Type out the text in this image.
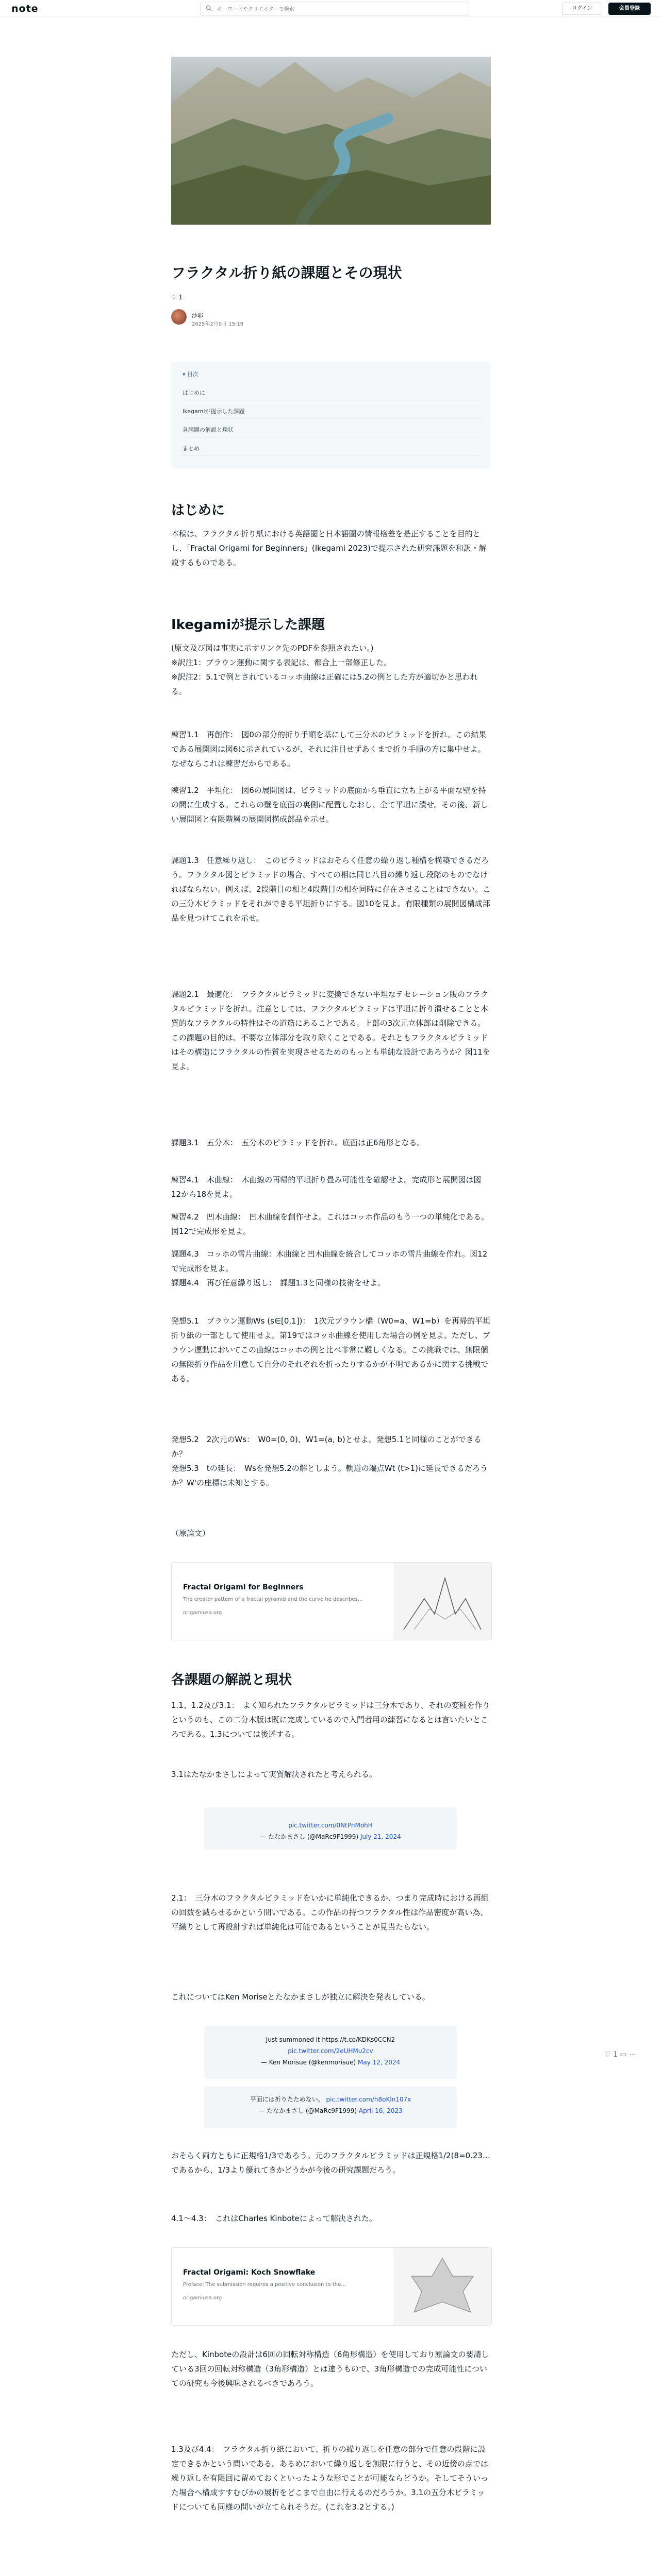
note
キーワードやクリエイターで検索	ログイン	会員登録
フラクタル折り紙の課題とその現状
沙耶
2025年2月9日 15:19
♡ 1
▾ 目次
はじめに
Ikegamiが提示した課題
各課題の解説と現状
まとめ
はじめに

本稿は、フラクタル折り紙における英語圏と日本語圏の情報格差を是正することを目的とし、「Fractal Origami for Beginners」(Ikegami 2023)で提示された研究課題を和訳・解説するものである。

Ikegamiが提示した課題

(原文及び図は事実に示すリンク先のPDFを参照されたい。)

※訳注1：ブラウン運動に関する表記は、都合上一部修正した。

※訳注2：5.1で例とされているコッホ曲線は正確には5.2の例とした方が適切かと思われる。

練習1.1　再創作：　図0の部分的折り手順を基にして三分木のピラミッドを折れ。この結果である展開図は図6に示されているが、それに注目せずあくまで折り手順の方に集中せよ。なぜならこれは練習だからである。

練習1.2　平坦化：　図6の展開図は、ピラミッドの底面から垂直に立ち上がる平面な壁を持の間に生成する。これらの壁を底面の裏側に配置しなおし、全て平坦に潰せ。その後、新しい展開図と有限階層の展開図構成部品を示せ。

課題1.3　任意繰り返し：　このピラミッドはおそらく任意の繰り返し種構を構築できるだろう。フラクタル図とピラミッドの場合、すべての相は同じ八目の繰り返し段階のものでなければならない。例えば、2段階目の相と4段階目の相を同時に存在させることはできない。この三分木ピラミッドをそれができる平坦折りにする。図10を見よ。有限種類の展開図構成部品を見つけてこれを示せ。

課題2.1　最適化：　フラクタルピラミッドに変換できない平坦なテセレーション版のフラクタルピラミッドを折れ。注意としては、フラクタルピラミッドは平坦に折り潰せることと本質的なフラクタルの特性はその道筋にあることである。上部の3次元立体部は削除できる。この課題の目的は、不要な立体部分を取り除くことである。それともフラクタルピラミッドはその構造にフラクタルの性質を実現させるためのもっとも単純な設計であろうか？図11を見よ。

課題3.1　五分木：　五分木のピラミッドを折れ。底面は正6角形となる。

練習4.1　木曲線：　木曲線の再帰的平坦折り畳み可能性を確認せよ。完成形と展開図は図12から18を見よ。

練習4.2　凹木曲線：　凹木曲線を創作せよ。これはコッホ作品のもう一つの単純化である。図12で完成形を見よ。

課題4.3　コッホの雪片曲線：木曲線と凹木曲線を統合してコッホの雪片曲線を作れ。図12で完成形を見よ。

課題4.4　再び任意繰り返し：　課題1.3と同様の技術をせよ。

発想5.1　ブラウン運動Ws (s∈[0,1])：　1次元ブラウン橋（W0=a、W1=b）を再帰的平坦折り紙の一部として使用せよ。第19ではコッホ曲線を使用した場合の例を見よ。ただし、ブラウン運動においてこの曲線はコッホの例と比べ非常に難しくなる。この挑戦では、無限個の無限折り作品を用意して自分のそれぞれを折ったりするかが不明であるかに関する挑戦である。

発想5.2　2次元のWs：　W0=(0, 0)、W1=(a, b)とせよ。発想5.1と同様のことができるか？

発想5.3　tの延長：　Wsを発想5.2の解としよう。軌道の端点Wt (t>1)に延長できるだろうか？W'の座標は未知とする。

（原論文）

Fractal Origami for Beginners
The creator pattern of a fractal pyramid and the curve he describes...
origamiusa.org
各課題の解説と現状

1.1、1.2及び3.1：　よく知られたフラクタルピラミッドは三分木であり、それの変種を作りというのも、この二分木版は既に完成しているので入門者用の練習になるとは言いたいところである。1.3については後述する。

3.1はたなかまさしによって実質解決されたと考えられる。

pic.twitter.com/0NtPnMohH
— たなかまさし (@MaRc9F1999) July 21, 2024

2.1：　三分木のフラクタルピラミッドをいかに単純化できるか、つまり完成時における再組の回数を減らせるかという問いである。この作品の持つフラクタル性は作品密度が高い為、平織りとして再設計すれば単純化は可能であるということが見当たらない。

これについてはKen Moriseとたなかまさしが独立に解決を発表している。

Just summoned it https://t.co/KDKs0CCN2
pic.twitter.com/2eUHMu2cv
— Ken Morisue (@kenmorisue) May 12, 2024
平面には折りたためない。 pic.twitter.com/h8oKln107x
— たなかまさし (@MaRc9F1999) April 16, 2023

おそらく両方ともに正規格1/3であろう。元のフラクタルピラミッドは正規格1/2(8=0.23…であるから、1/3より優れてきかどうかが今後の研究課題だろう。

4.1〜4.3：　これはCharles Kinboteによって解決された。

Fractal Origami: Koch Snowflake
Preface: The submission requires a positive conclusion to the...
origamiusa.org

ただし、Kinboteの設計は6回の回転対称構造（6角形構造）を使用しており原論文の要請している3回の回転対称構造（3角形構造）とは違うもので、3角形構造での完成可能性についての研究も今後興味されるべきであろう。

1.3及び4.4：　フラクタル折り紙において、折りの繰り返しを任意の部分で任意の段階に設定できるかという問いである。あるめにおいて繰り返しを無限に行うと、その近傍の点では繰り返しを有限回に留めておくといったような形でことが可能ならどうか。そしてそういった場合へ構成すすむびかの展折をどこまで自由に行えるのだろうか。3.1の五分木ピラミッドについても同様の問いが立てられそうだ。(これを3.2とする。)

♡ 1 ▭ ⋯
